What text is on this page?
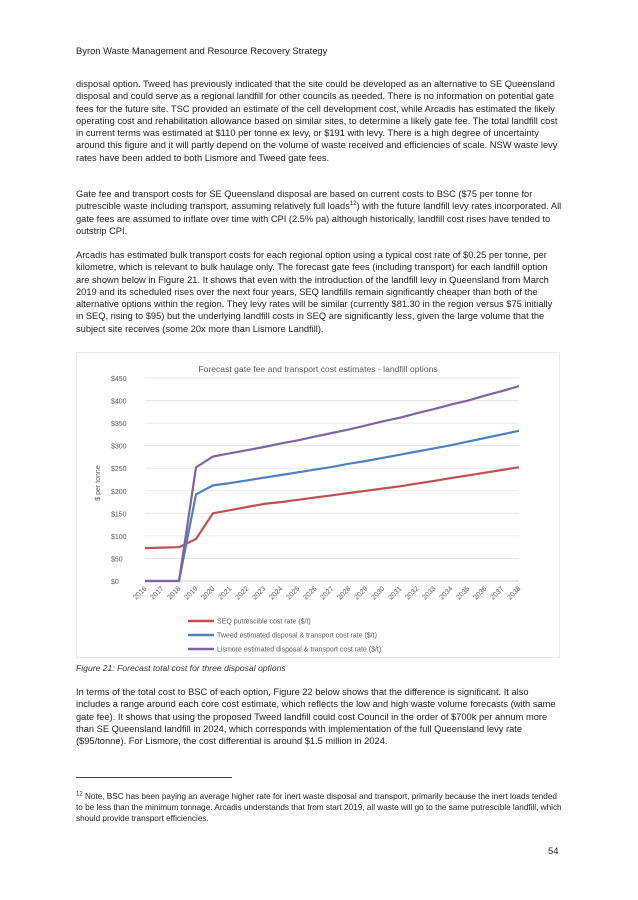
Byron Waste Management and Resource Recovery Strategy

disposal option. Tweed has previously indicated that the site could be developed as an alternative to SE Queensland disposal and could serve as a regional landfill for other councils as needed. There is no information on potential gate fees for the future site. TSC provided an estimate of the cell development cost, while Arcadis has estimated the likely operating cost and rehabilitation allowance based on similar sites, to determine a likely gate fee. The total landfill cost in current terms was estimated at $110 per tonne ex levy, or $191 with levy. There is a high degree of uncertainty around this figure and it will partly depend on the volume of waste received and efficiencies of scale. NSW waste levy rates have been added to both Lismore and Tweed gate fees.

Gate fee and transport costs for SE Queensland disposal are based on current costs to BSC ($75 per tonne for putrescible waste including transport, assuming relatively full loads$^{12}$) with the future landfill levy rates incorporated. All gate fees are assumed to inflate over time with CPI (2.5% pa) although historically, landfill cost rises have tended to outstrip CPI.

Arcadis has estimated bulk transport costs for each regional option using a typical cost rate of $0.25 per tonne, per kilometre, which is relevant to bulk haulage only. The forecast gate fees (including transport) for each landfill option are shown below in Figure 21. It shows that even with the introduction of the landfill levy in Queensland from March 2019 and its scheduled rises over the next four years, SEQ landfills remain significantly cheaper than both of the alternative options within the region. They levy rates will be similar (currently $81.30 in the region versus $75 initially in SEQ, rising to $95) but the underlying landfill costs in SEQ are significantly less, given the large volume that the subject site receives (some 20x more than Lismore Landfill).

Forecast gate fee and transport cost estimates - landfill options
$ per tonne
$0
$50
$100
$150
$200
$250
$300
$350
$400
$450
2016 2017 2018 2019 2020 2021 2022 2023 2024 2025 2026 2027 2028 2029 2030 2031 2032 2033 2034 2035 2036 2037 2038
SEQ putrescible cost rate ($/t)
Tweed estimated disposal & transport cost rate ($/t)
Lismore estimated disposal & transport cost rate ($/t)
Figure 21: Forecast total cost for three disposal options

In terms of the total cost to BSC of each option, Figure 22 below shows that the difference is significant. It also includes a range around each core cost estimate, which reflects the low and high waste volume forecasts (with same gate fee). It shows that using the proposed Tweed landfill could cost Council in the order of $700k per annum more than SE Queensland landfill in 2024, which corresponds with implementation of the full Queensland levy rate ($95/tonne). For Lismore, the cost differential is around $1.5 million in 2024.

$^{12}$ Note, BSC has been paying an average higher rate for inert waste disposal and transport, primarily because the inert loads tended to be less than the minimum tonnage. Arcadis understands that from start 2019, all waste will go to the same putrescible landfill, which should provide transport efficiencies.

54
